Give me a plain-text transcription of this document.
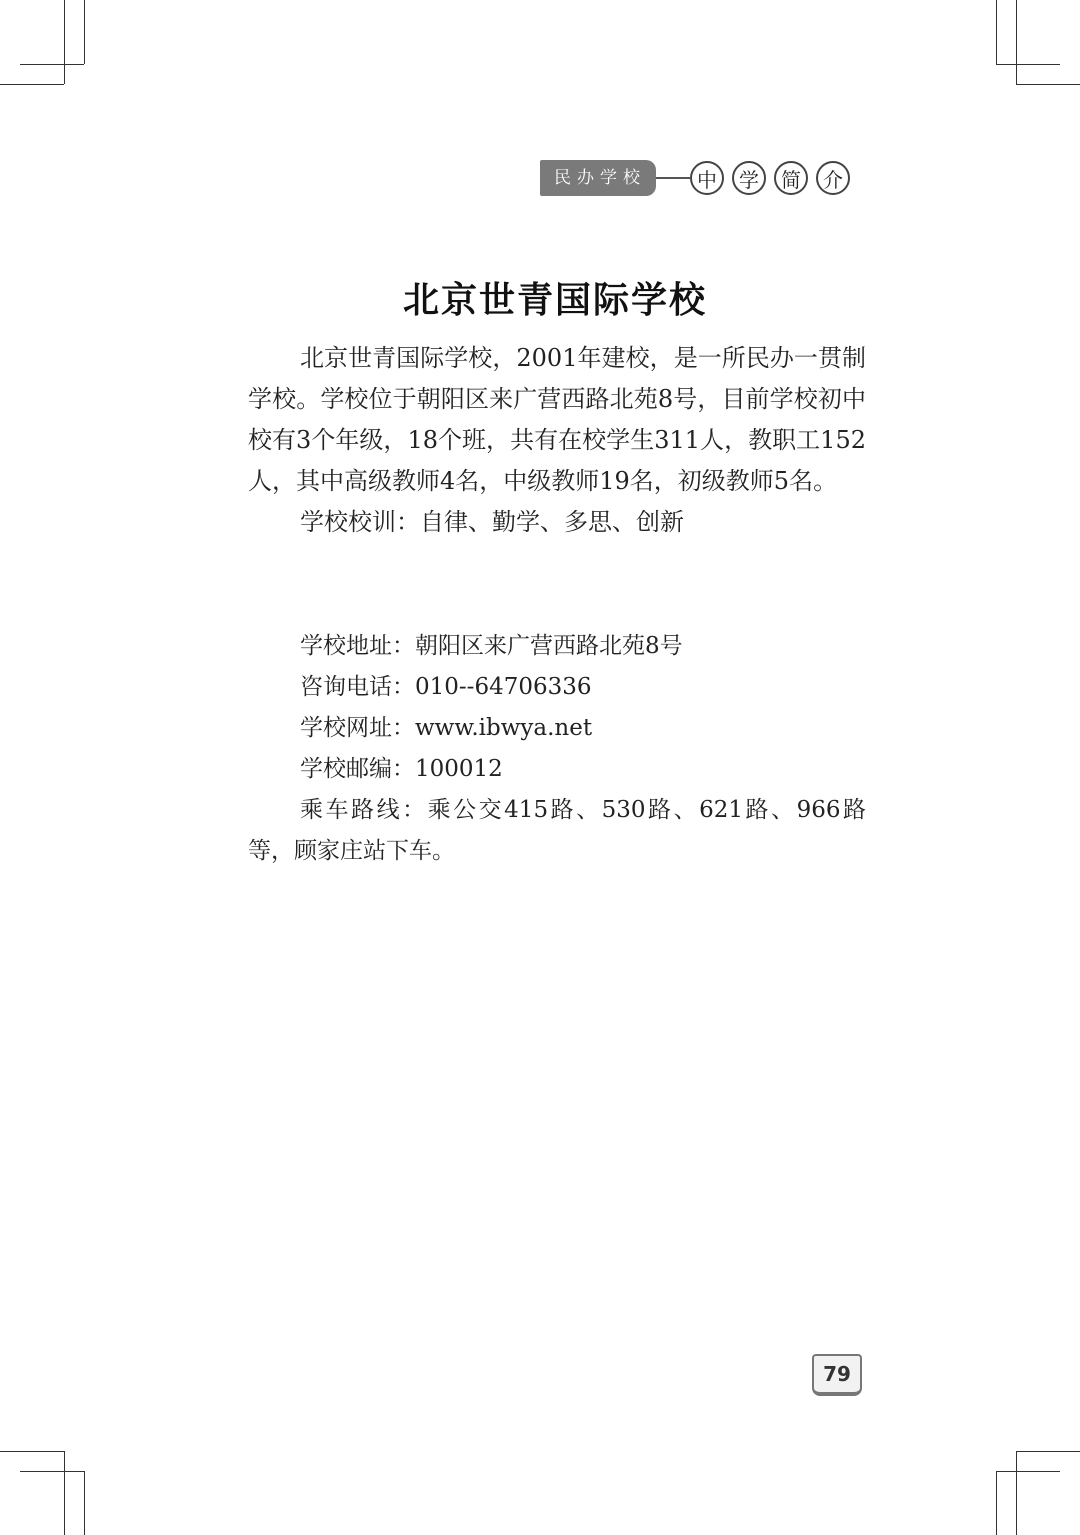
民办学校	中	学	简	介
北京世青国际学校

北京世青国际学校，2001年建校，是一所民办一贯制学校。学校位于朝阳区来广营西路北苑8号，目前学校初中校有3个年级，18个班，共有在校学生311人，教职工152人，其中高级教师4名，中级教师19名，初级教师5名。

学校校训：自律、勤学、多思、创新

学校地址：朝阳区来广营西路北苑8号

咨询电话：010--64706336

学校网址：www.ibwya.net

学校邮编：100012

乘车路线：乘公交415路、530路、621路、966路等，顾家庄站下车。

79
